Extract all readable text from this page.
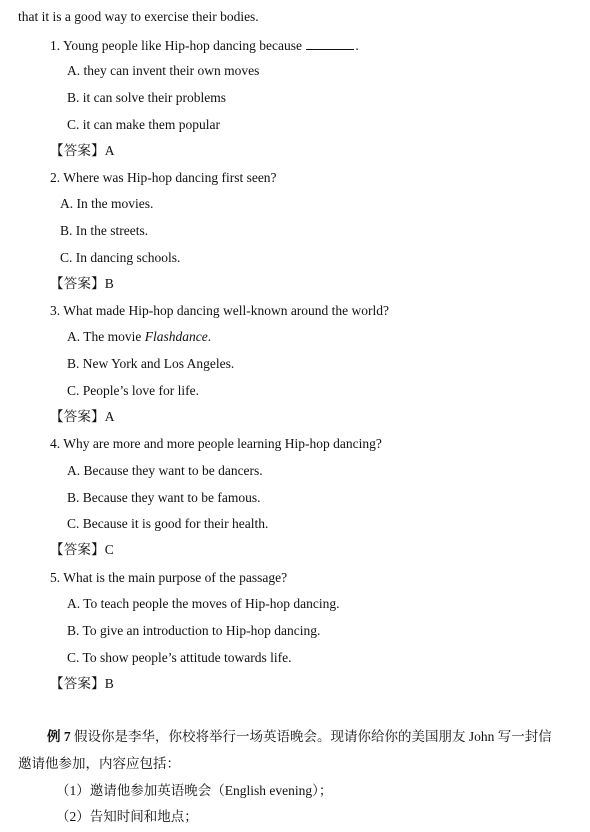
that it is a good way to exercise their bodies.
1. Young people like Hip-hop dancing because	.
A. they can invent their own moves
B. it can solve their problems
C. it can make them popular
【答案】A
2. Where was Hip-hop dancing first seen?
A. In the movies.
B. In the streets.
C. In dancing schools.
【答案】B
3. What made Hip-hop dancing well-known around the world?
A. The movie Flashdance.
B. New York and Los Angeles.
C. People’s love for life.
【答案】A
4. Why are more and more people learning Hip-hop dancing?
A. Because they want to be dancers.
B. Because they want to be famous.
C. Because it is good for their health.
【答案】C
5. What is the main purpose of the passage?
A. To teach people the moves of Hip-hop dancing.
B. To give an introduction to Hip-hop dancing.
C. To show people’s attitude towards life.
【答案】B
例 7 假设你是李华，你校将举行一场英语晚会。现请你给你的美国朋友 John 写一封信
邀请他参加，内容应包括：
（1）邀请他参加英语晚会（English evening）；
（2）告知时间和地点；
